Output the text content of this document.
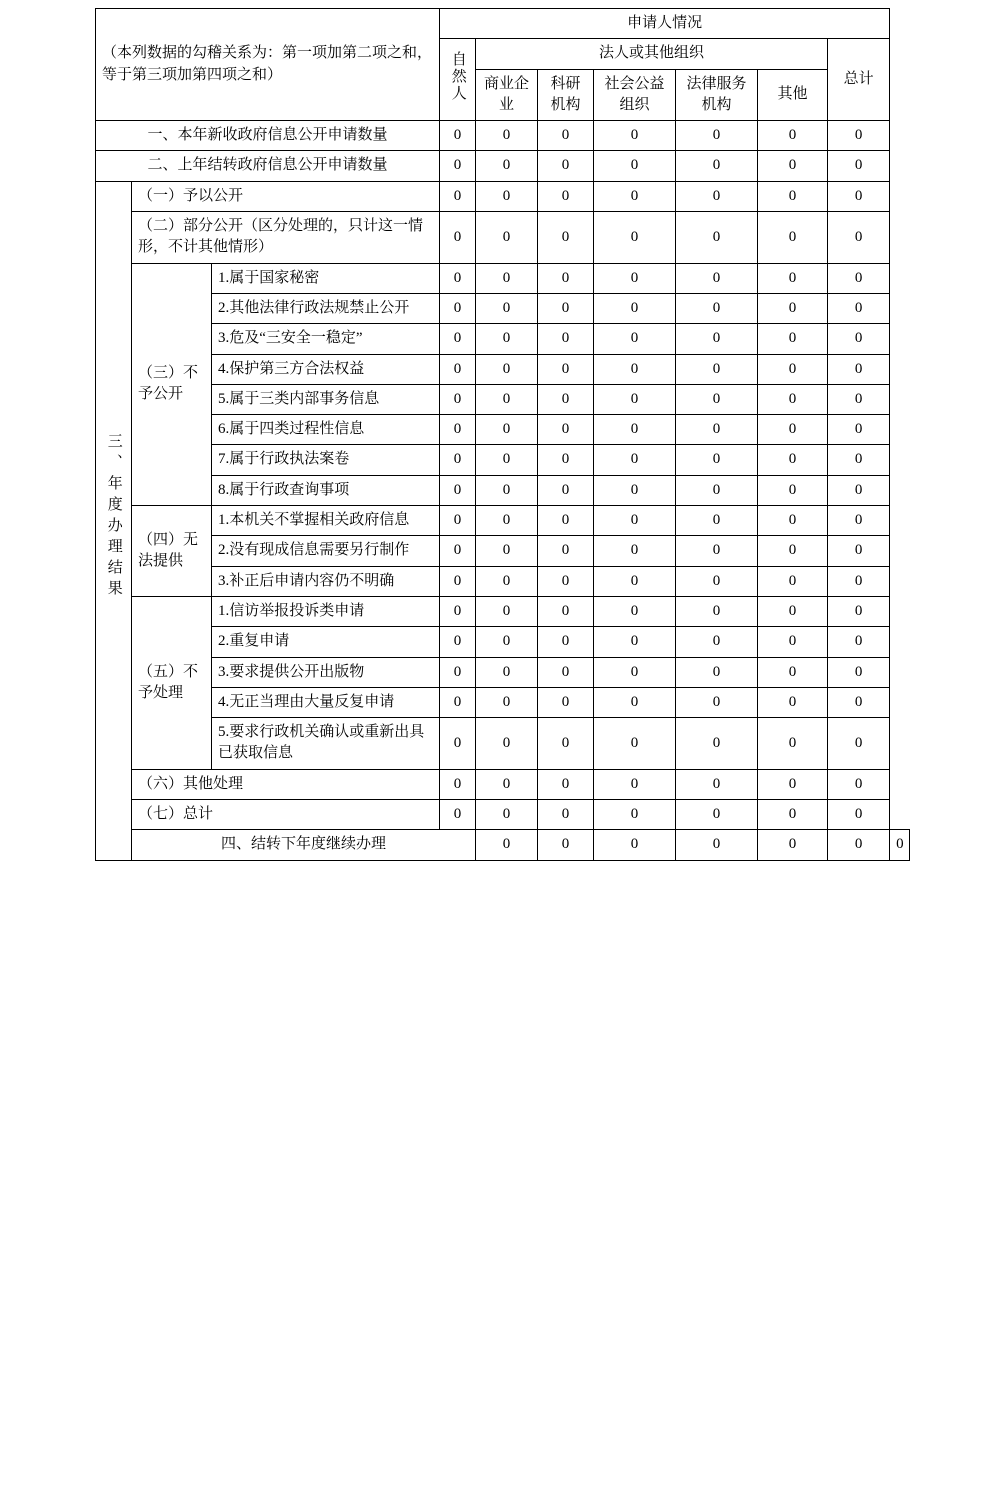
（本列数据的勾稽关系为：第一项加第二项之和，等于第三项加第四项之和）			申请人情况							
			自然人	法人或其他组织					总计	
				商业企业	科研机构	社会公益组织	法律服务机构	其他		
一、本年新收政府信息公开申请数量			0	0	0	0	0	0	0	
二、上年结转政府信息公开申请数量			0	0	0	0	0	0	0	
三、年度办理结果	（一）予以公开		0	0	0	0	0	0	0	
	（二）部分公开（区分处理的，只计这一情形，不计其他情形）		0	0	0	0	0	0	0	
	（三）不予公开	1.属于国家秘密	0	0	0	0	0	0	0	
		2.其他法律行政法规禁止公开	0	0	0	0	0	0	0	
		3.危及“三安全一稳定”	0	0	0	0	0	0	0	
		4.保护第三方合法权益	0	0	0	0	0	0	0	
		5.属于三类内部事务信息	0	0	0	0	0	0	0	
		6.属于四类过程性信息	0	0	0	0	0	0	0	
		7.属于行政执法案卷	0	0	0	0	0	0	0	
		8.属于行政查询事项	0	0	0	0	0	0	0	
	（四）无法提供	1.本机关不掌握相关政府信息	0	0	0	0	0	0	0	
		2.没有现成信息需要另行制作	0	0	0	0	0	0	0	
		3.补正后申请内容仍不明确	0	0	0	0	0	0	0	
	（五）不予处理	1.信访举报投诉类申请	0	0	0	0	0	0	0	
		2.重复申请	0	0	0	0	0	0	0	
		3.要求提供公开出版物	0	0	0	0	0	0	0	
		4.无正当理由大量反复申请	0	0	0	0	0	0	0	
		5.要求行政机关确认或重新出具已获取信息	0	0	0	0	0	0	0	
	（六）其他处理		0	0	0	0	0	0	0	
	（七）总计		0	0	0	0	0	0	0	
	四、结转下年度继续办理			0	0	0	0	0	0	0
